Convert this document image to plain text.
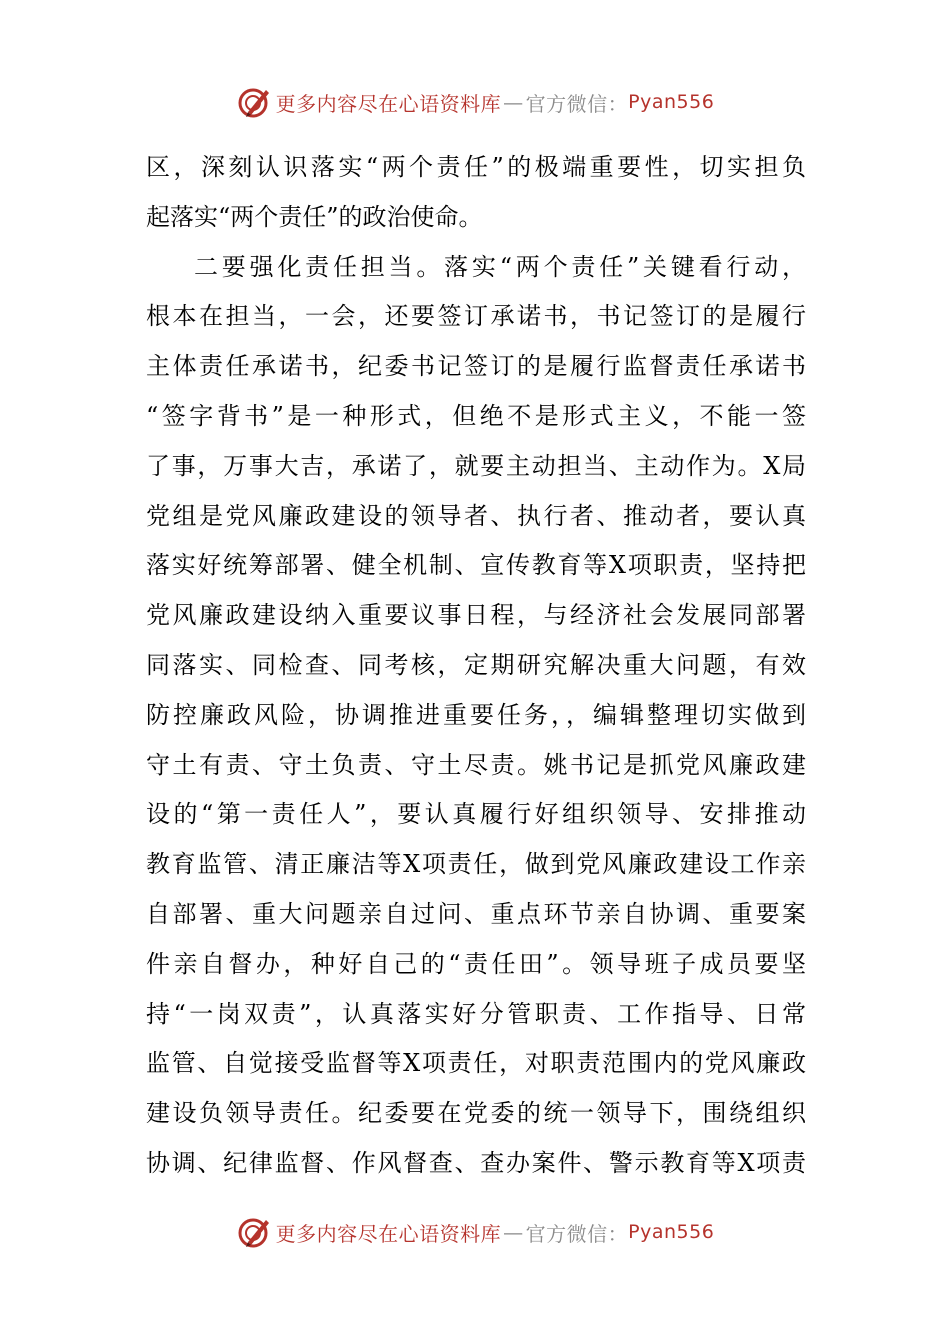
更多内容尽在心语资料库 — 官方微信： Pyan556
区，深刻认识落实“两个责任”的极端重要性，切实担负
起落实“两个责任”的政治使命。
二要强化责任担当。落实“两个责任”关键看行动，
根本在担当，一会，还要签订承诺书，书记签订的是履行
主体责任承诺书，纪委书记签订的是履行监督责任承诺书
“签字背书”是一种形式，但绝不是形式主义，不能一签
了事，万事大吉，承诺了，就要主动担当、主动作为。X局
党组是党风廉政建设的领导者、执行者、推动者，要认真
落实好统筹部署、健全机制、宣传教育等X项职责，坚持把
党风廉政建设纳入重要议事日程，与经济社会发展同部署
同落实、同检查、同考核，定期研究解决重大问题，有效
防控廉政风险，协调推进重要任务，，编辑整理切实做到
守土有责、守土负责、守土尽责。姚书记是抓党风廉政建
设的“第一责任人”，要认真履行好组织领导、安排推动
教育监管、清正廉洁等X项责任，做到党风廉政建设工作亲
自部署、重大问题亲自过问、重点环节亲自协调、重要案
件亲自督办，种好自己的“责任田”。领导班子成员要坚
持“一岗双责”，认真落实好分管职责、工作指导、日常
监管、自觉接受监督等X项责任，对职责范围内的党风廉政
建设负领导责任。纪委要在党委的统一领导下，围绕组织
协调、纪律监督、作风督查、查办案件、警示教育等X项责
更多内容尽在心语资料库 — 官方微信： Pyan556
